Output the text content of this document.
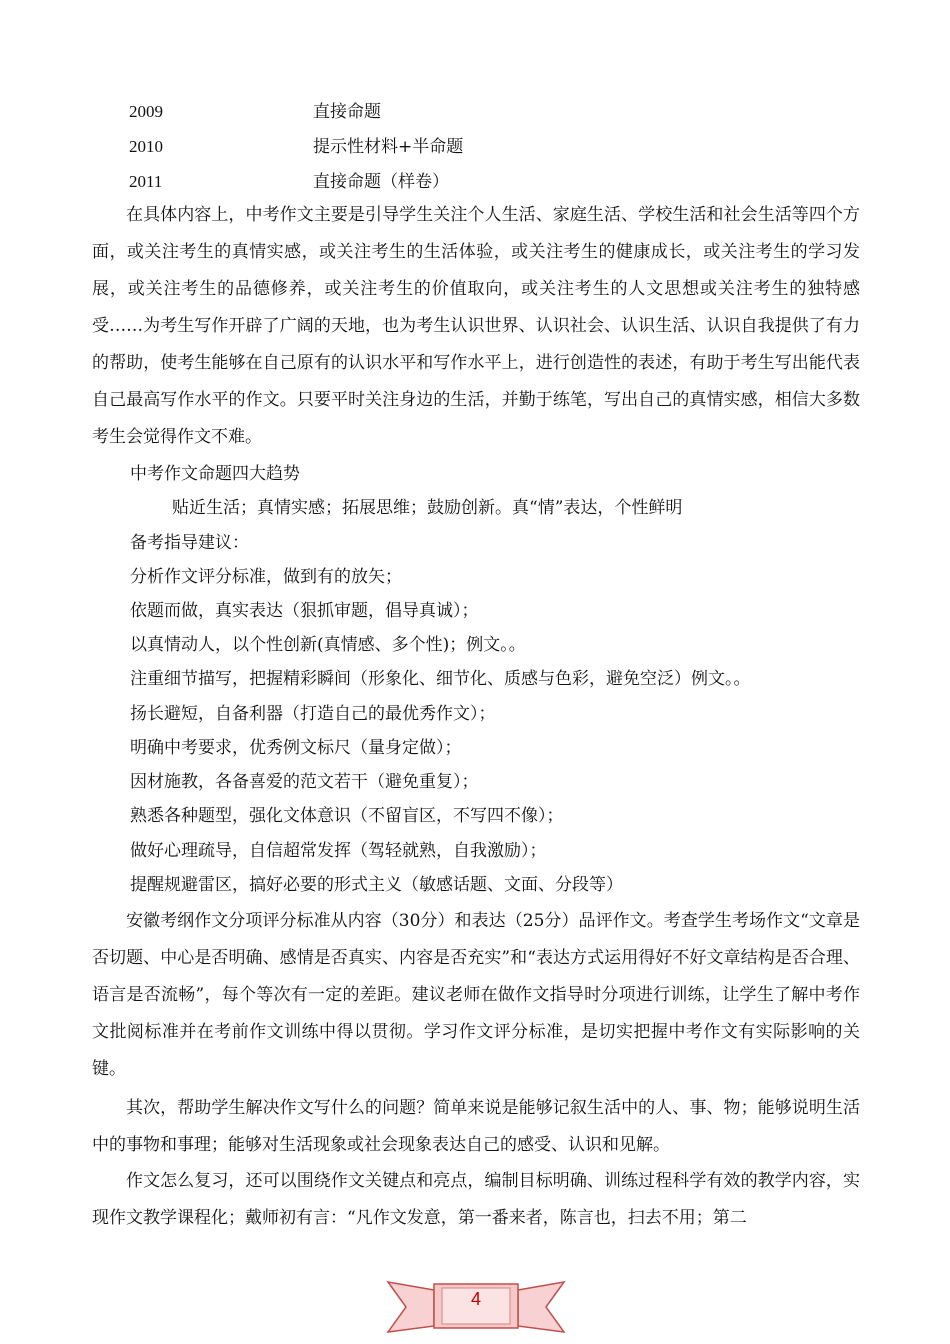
2009	直接命题
2010	提示性材料+半命题
2011	直接命题（样卷）
在具体内容上，中考作文主要是引导学生关注个人生活、家庭生活、学校生活和社会生活等四个方面，或关注考生的真情实感，或关注考生的生活体验，或关注考生的健康成长，或关注考生的学习发展，或关注考生的品德修养，或关注考生的价值取向，或关注考生的人文思想或关注考生的独特感受……为考生写作开辟了广阔的天地，也为考生认识世界、认识社会、认识生活、认识自我提供了有力的帮助，使考生能够在自己原有的认识水平和写作水平上，进行创造性的表述，有助于考生写出能代表自己最高写作水平的作文。只要平时关注身边的生活，并勤于练笔，写出自己的真情实感，相信大多数考生会觉得作文不难。
中考作文命题四大趋势
贴近生活；真情实感；拓展思维；鼓励创新。真“情”表达，个性鲜明
备考指导建议：
分析作文评分标准，做到有的放矢；
依题而做，真实表达（狠抓审题，倡导真诚）；
以真情动人，以个性创新(真情感、多个性)；例文。。
注重细节描写，把握精彩瞬间（形象化、细节化、质感与色彩，避免空泛）例文。。
扬长避短，自备利器（打造自己的最优秀作文）；
明确中考要求，优秀例文标尺（量身定做）；
因材施教，各备喜爱的范文若干（避免重复）；
熟悉各种题型，强化文体意识（不留盲区，不写四不像）；
做好心理疏导，自信超常发挥（驾轻就熟，自我激励）；
提醒规避雷区，搞好必要的形式主义（敏感话题、文面、分段等）
安徽考纲作文分项评分标准从内容（30分）和表达（25分）品评作文。考查学生考场作文“文章是否切题、中心是否明确、感情是否真实、内容是否充实”和“表达方式运用得好不好文章结构是否合理、语言是否流畅”，每个等次有一定的差距。建议老师在做作文指导时分项进行训练，让学生了解中考作文批阅标准并在考前作文训练中得以贯彻。学习作文评分标准，是切实把握中考作文有实际影响的关键。
其次，帮助学生解决作文写什么的问题？简单来说是能够记叙生活中的人、事、物；能够说明生活中的事物和事理；能够对生活现象或社会现象表达自己的感受、认识和见解。
作文怎么复习，还可以围绕作文关键点和亮点，编制目标明确、训练过程科学有效的教学内容，实现作文教学课程化；戴师初有言：“凡作文发意，第一番来者，陈言也，扫去不用；第二
4
